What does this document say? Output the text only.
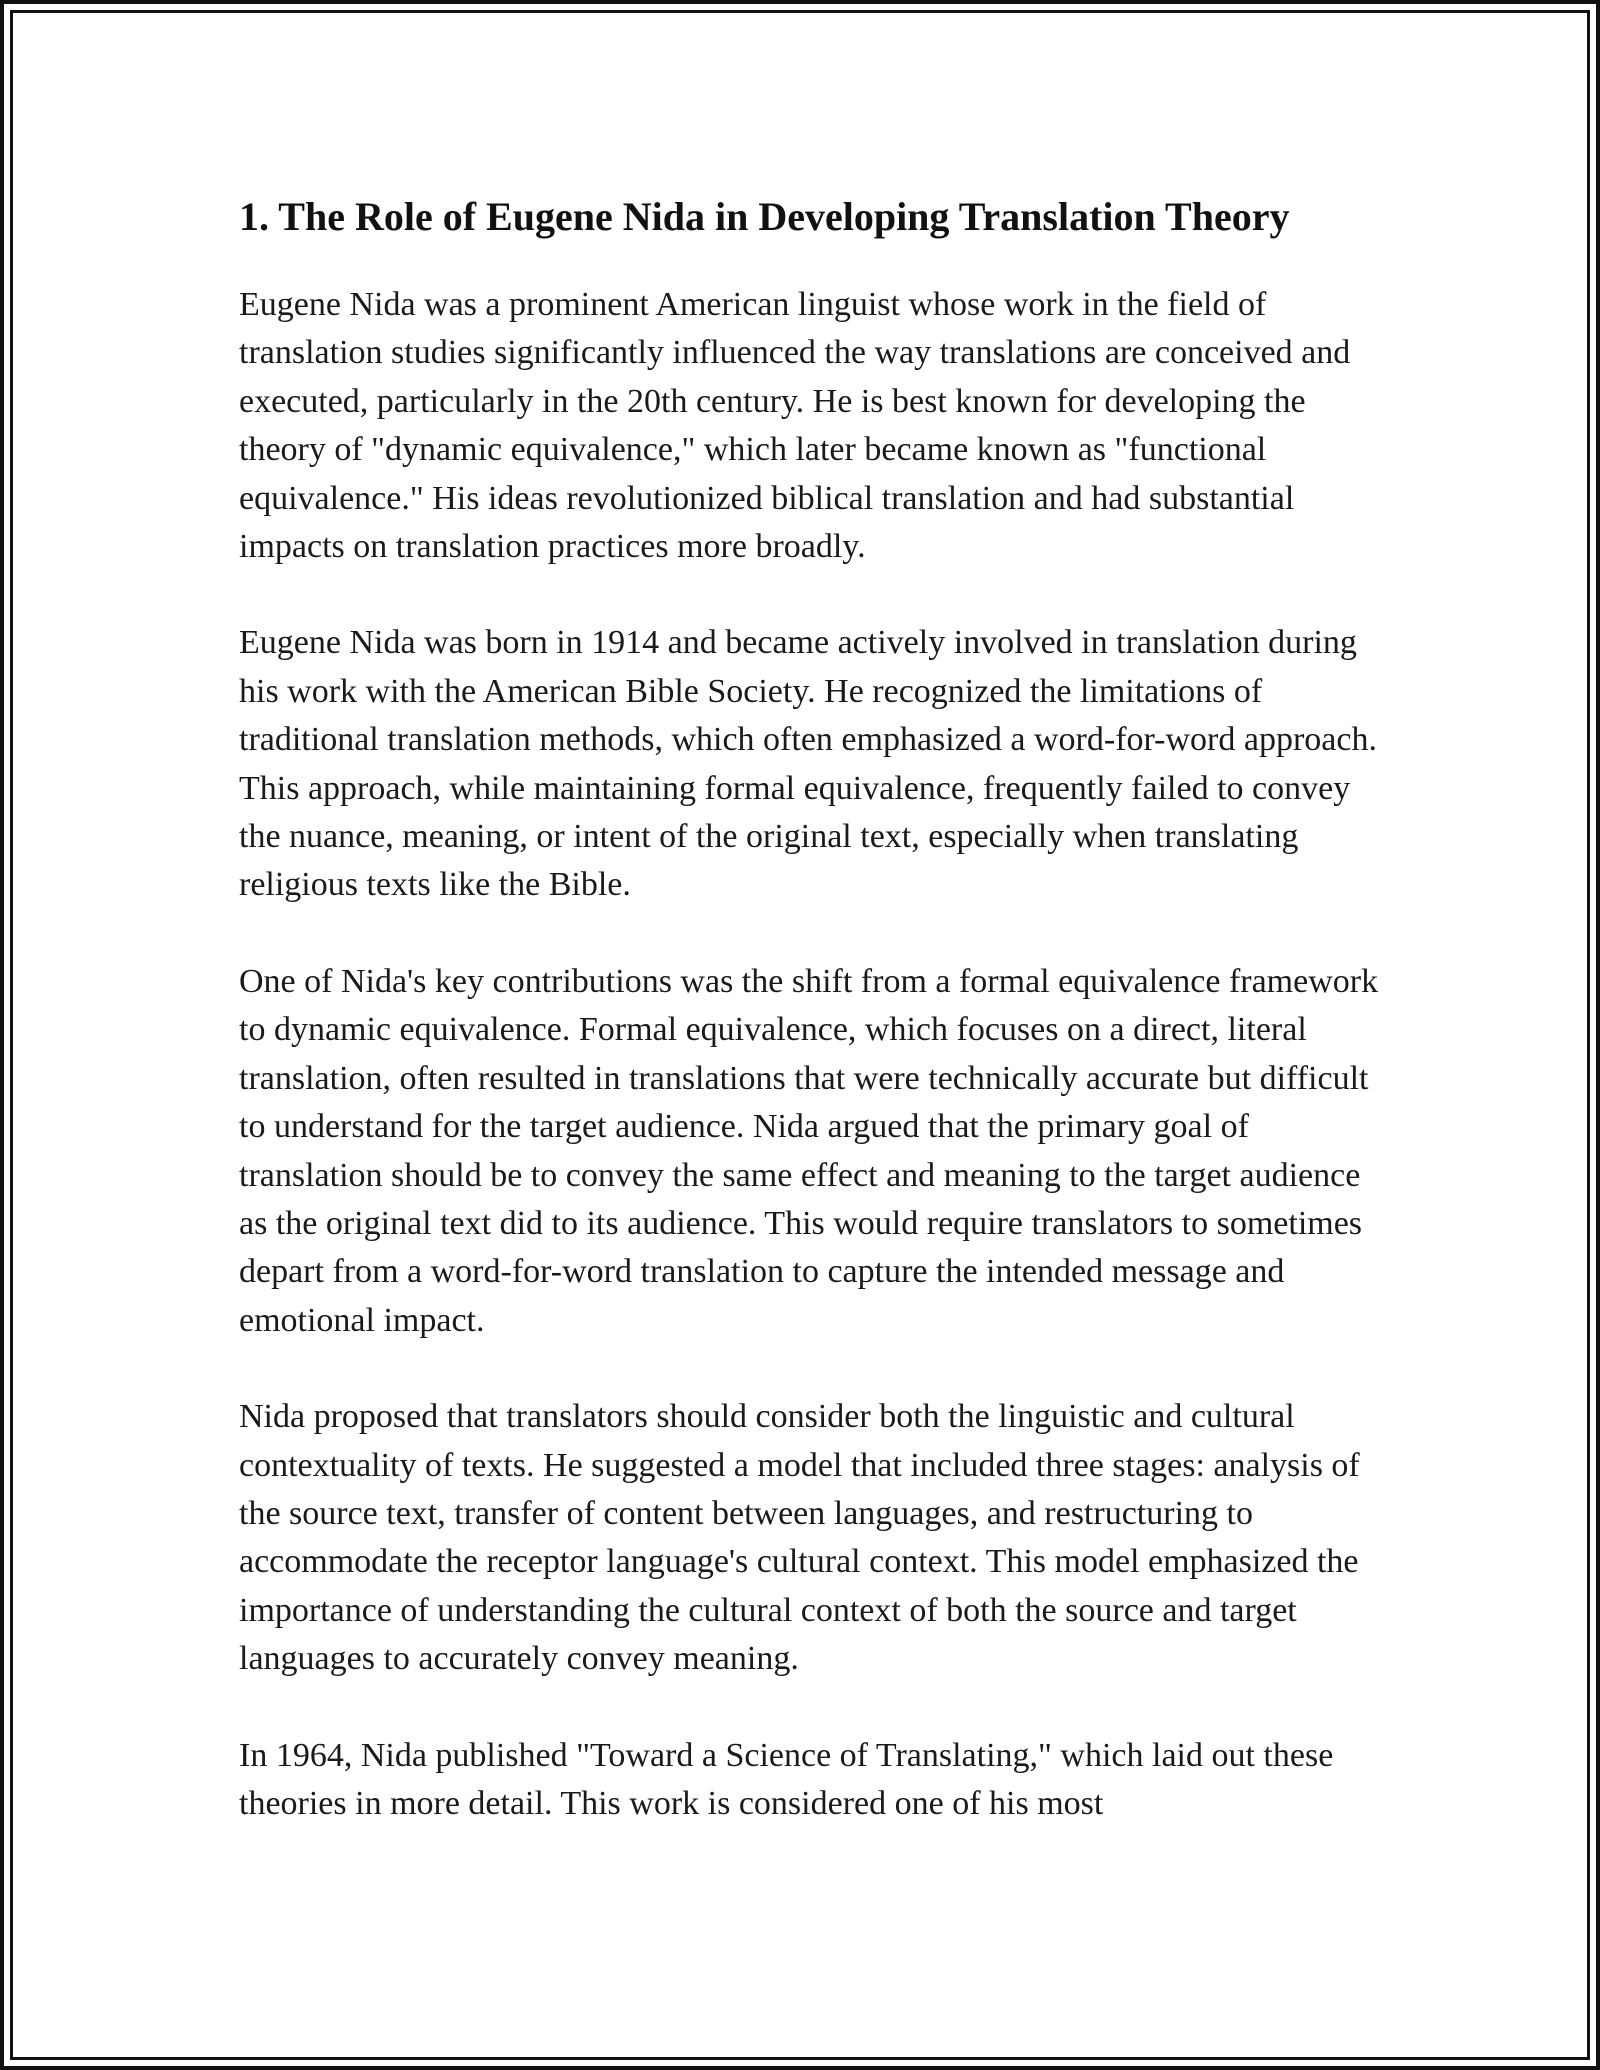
1. The Role of Eugene Nida in Developing Translation Theory

Eugene Nida was a prominent American linguist whose work in the field of translation studies significantly influenced the way translations are conceived and executed, particularly in the 20th century. He is best known for developing the theory of "dynamic equivalence," which later became known as "functional equivalence." His ideas revolutionized biblical translation and had substantial impacts on translation practices more broadly.

Eugene Nida was born in 1914 and became actively involved in translation during his work with the American Bible Society. He recognized the limitations of traditional translation methods, which often emphasized a word-for-word approach. This approach, while maintaining formal equivalence, frequently failed to convey the nuance, meaning, or intent of the original text, especially when translating religious texts like the Bible.

One of Nida's key contributions was the shift from a formal equivalence framework to dynamic equivalence. Formal equivalence, which focuses on a direct, literal translation, often resulted in translations that were technically accurate but difficult to understand for the target audience. Nida argued that the primary goal of translation should be to convey the same effect and meaning to the target audience as the original text did to its audience. This would require translators to sometimes depart from a word-for-word translation to capture the intended message and emotional impact.

Nida proposed that translators should consider both the linguistic and cultural contextuality of texts. He suggested a model that included three stages: analysis of the source text, transfer of content between languages, and restructuring to accommodate the receptor language's cultural context. This model emphasized the importance of understanding the cultural context of both the source and target languages to accurately convey meaning.

In 1964, Nida published "Toward a Science of Translating," which laid out these theories in more detail. This work is considered one of his most
